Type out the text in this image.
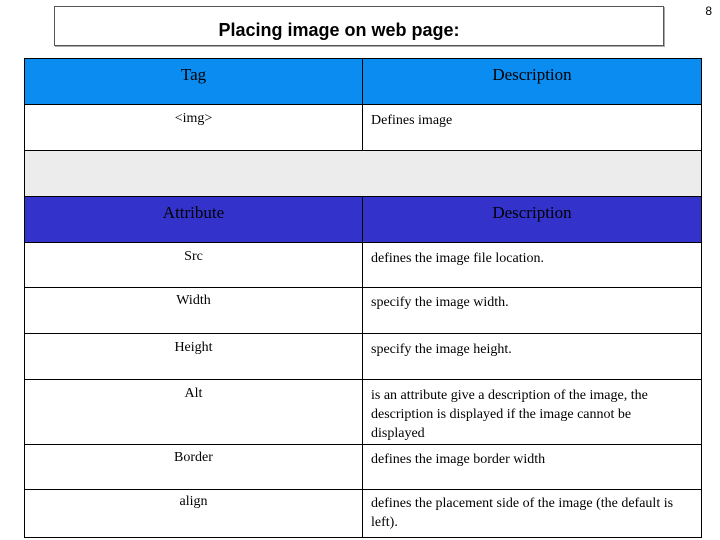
8
Placing image on web page:
Tag	Description
<img>	Defines image
Attribute	Description
Src	defines the image file location.
Width	specify the image width.
Height	specify the image height.
Alt	is an attribute give a description of the image, the description is displayed if the image cannot be displayed
Border	defines the image border width
align	defines the placement side of the image (the default is left).
